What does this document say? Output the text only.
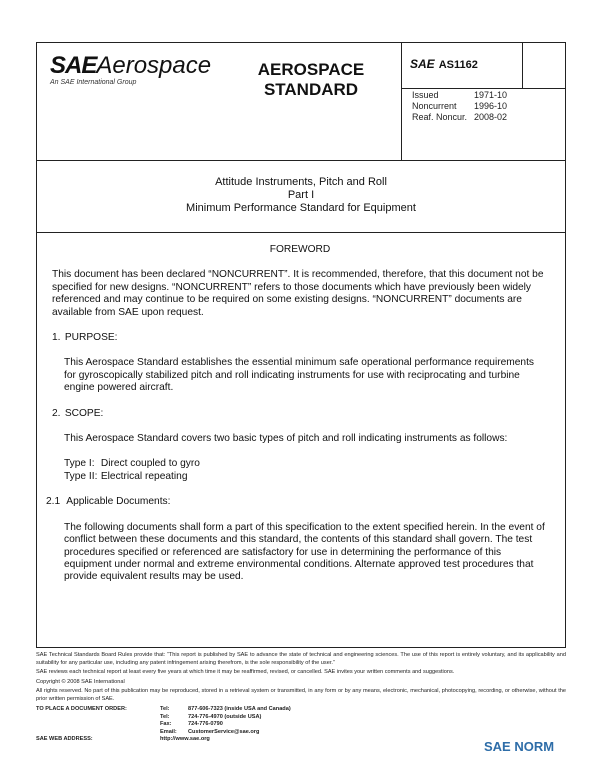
SAEAerospace
An SAE International Group
AEROSPACE STANDARD
SAE AS1162
Issued	1971-10
Noncurrent 1996-10
Reaf. Noncur. 2008-02
Attitude Instruments, Pitch and Roll
Part I
Minimum Performance Standard for Equipment
FOREWORD

This document has been declared “NONCURRENT”. It is recommended, therefore, that this document not be specified for new designs. “NONCURRENT” refers to those documents which have previously been widely referenced and may continue to be required on some existing designs. “NONCURRENT” documents are available from SAE upon request.

1. PURPOSE:

This Aerospace Standard establishes the essential minimum safe operational performance requirements for gyroscopically stabilized pitch and roll indicating instruments for use with reciprocating and turbine engine powered aircraft.

2. SCOPE:

This Aerospace Standard covers two basic types of pitch and roll indicating instruments as follows:

Type I: Direct coupled to gyro
Type II: Electrical repeating
2.1 Applicable Documents:

The following documents shall form a part of this specification to the extent specified herein. In the event of conflict between these documents and this standard, the contents of this standard shall govern. The test procedures specified or referenced are satisfactory for use in determining the performance of this equipment under normal and extreme environmental conditions. Alternate approved test procedures that provide equivalent results may be used.

SAE Technical Standards Board Rules provide that: “This report is published by SAE to advance the state of technical and engineering sciences. The use of this report is entirely voluntary, and its applicability and suitability for any particular use, including any patent infringement arising therefrom, is the sole responsibility of the user.”

SAE reviews each technical report at least every five years at which time it may be reaffirmed, revised, or cancelled. SAE invites your written comments and suggestions.

Copyright © 2008 SAE International

All rights reserved. No part of this publication may be reproduced, stored in a retrieval system or transmitted, in any form or by any means, electronic, mechanical, photocopying, recording, or otherwise, without the prior written permission of SAE.

TO PLACE A DOCUMENT ORDER:	Tel:	877-606-7323 (inside USA and Canada)
Tel:	724-776-4970 (outside USA)
Fax:	724-776-0790
Email: CustomerService@sae.org
SAE WEB ADDRESS:	http://www.sae.org	SAE NORM
